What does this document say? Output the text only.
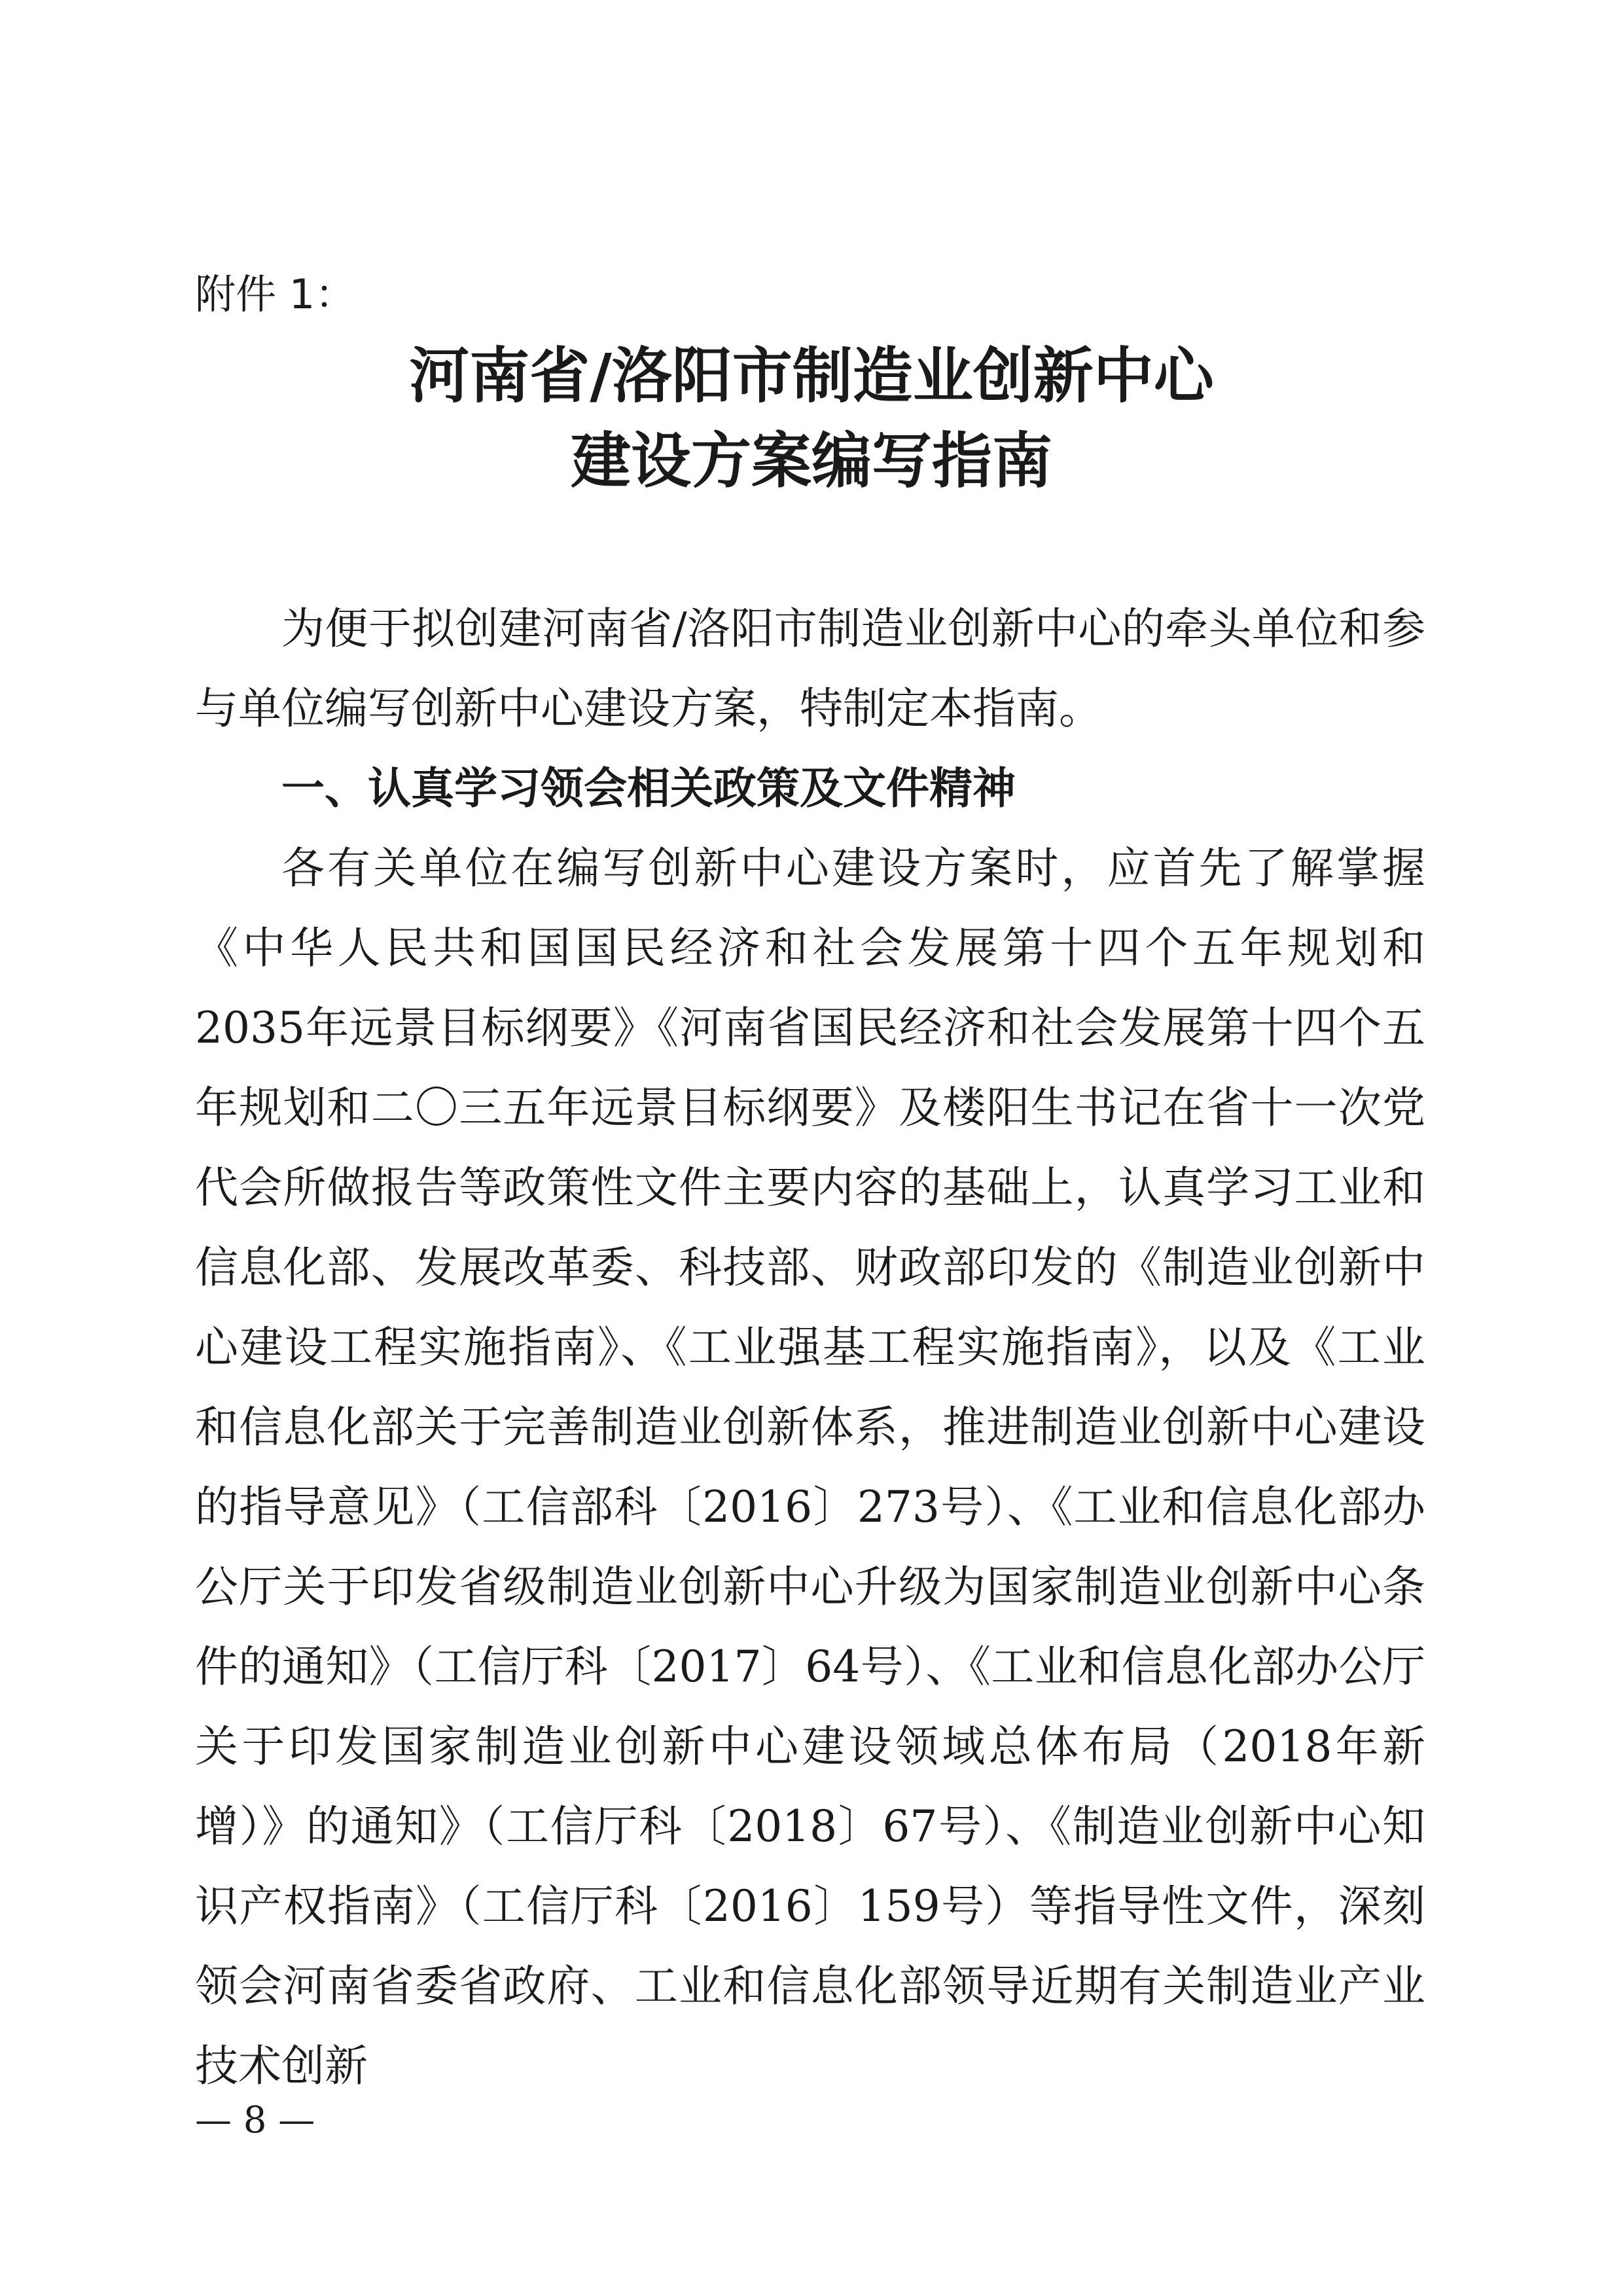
附件 1：
河南省/洛阳市制造业创新中心
建设方案编写指南

为便于拟创建河南省/洛阳市制造业创新中心的牵头单位和参与单位编写创新中心建设方案，特制定本指南。

一、认真学习领会相关政策及文件精神

各有关单位在编写创新中心建设方案时，应首先了解掌握《中华人民共和国国民经济和社会发展第十四个五年规划和2035年远景目标纲要》《河南省国民经济和社会发展第十四个五年规划和二〇三五年远景目标纲要》及楼阳生书记在省十一次党代会所做报告等政策性文件主要内容的基础上，认真学习工业和信息化部、发展改革委、科技部、财政部印发的《制造业创新中心建设工程实施指南》、《工业强基工程实施指南》，以及《工业和信息化部关于完善制造业创新体系，推进制造业创新中心建设的指导意见》（工信部科〔2016〕273号）、《工业和信息化部办公厅关于印发省级制造业创新中心升级为国家制造业创新中心条件的通知》（工信厅科〔2017〕64号）、《工业和信息化部办公厅关于印发国家制造业创新中心建设领域总体布局（2018年新增）》的通知》（工信厅科〔2018〕67号）、《制造业创新中心知识产权指南》（工信厅科〔2016〕159号）等指导性文件，深刻领会河南省委省政府、工业和信息化部领导近期有关制造业产业技术创新

— 8 —
